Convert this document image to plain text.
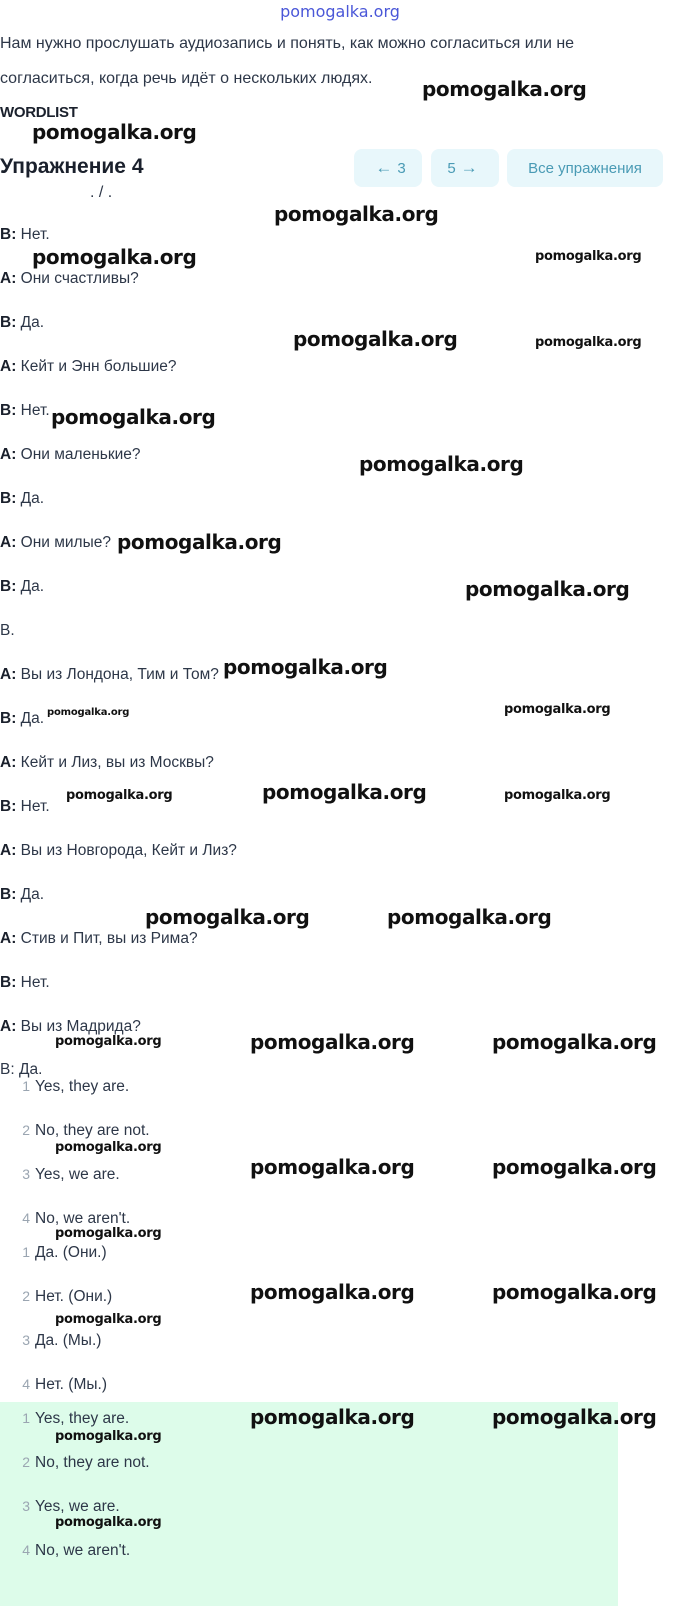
pomogalka.org
Нам нужно прослушать аудиозапись и понять, как можно согласиться или не согласиться, когда речь идёт о нескольких людях.
WORDLIST
Упражнение 4	← 3	5 →	Все упражнения
. / .
B: Нет.
A: Они счастливы?
B: Да.
A: Кейт и Энн большие?
B: Нет.
A: Они маленькие?
B: Да.
A: Они милые?
B: Да.
B.
A: Вы из Лондона, Тим и Том?
B: Да.
A: Кейт и Лиз, вы из Москвы?
B: Нет.
A: Вы из Новгорода, Кейт и Лиз?
B: Да.
A: Стив и Пит, вы из Рима?
B: Нет.
A: Вы из Мадрида?
B: Да.
1 Yes, they are.
2 No, they are not.
3 Yes, we are.
4 No, we aren't.
1 Да. (Они.)
2 Нет. (Они.)
3 Да. (Мы.)
4 Нет. (Мы.)
1 Yes, they are.
2 No, they are not.
3 Yes, we are.
4 No, we aren't.
pomogalka.org
pomogalka.org
pomogalka.org
pomogalka.org	pomogalka.org
pomogalka.org	pomogalka.org
pomogalka.org
pomogalka.org
pomogalka.org
pomogalka.org
pomogalka.org
pomogalka.org	pomogalka.org
pomogalka.org	pomogalka.org	pomogalka.org
pomogalka.org	pomogalka.org
pomogalka.org	pomogalka.org	pomogalka.org
pomogalka.org
pomogalka.org	pomogalka.org
pomogalka.org
pomogalka.org	pomogalka.org
pomogalka.org
pomogalka.org	pomogalka.org
pomogalka.org
pomogalka.org
